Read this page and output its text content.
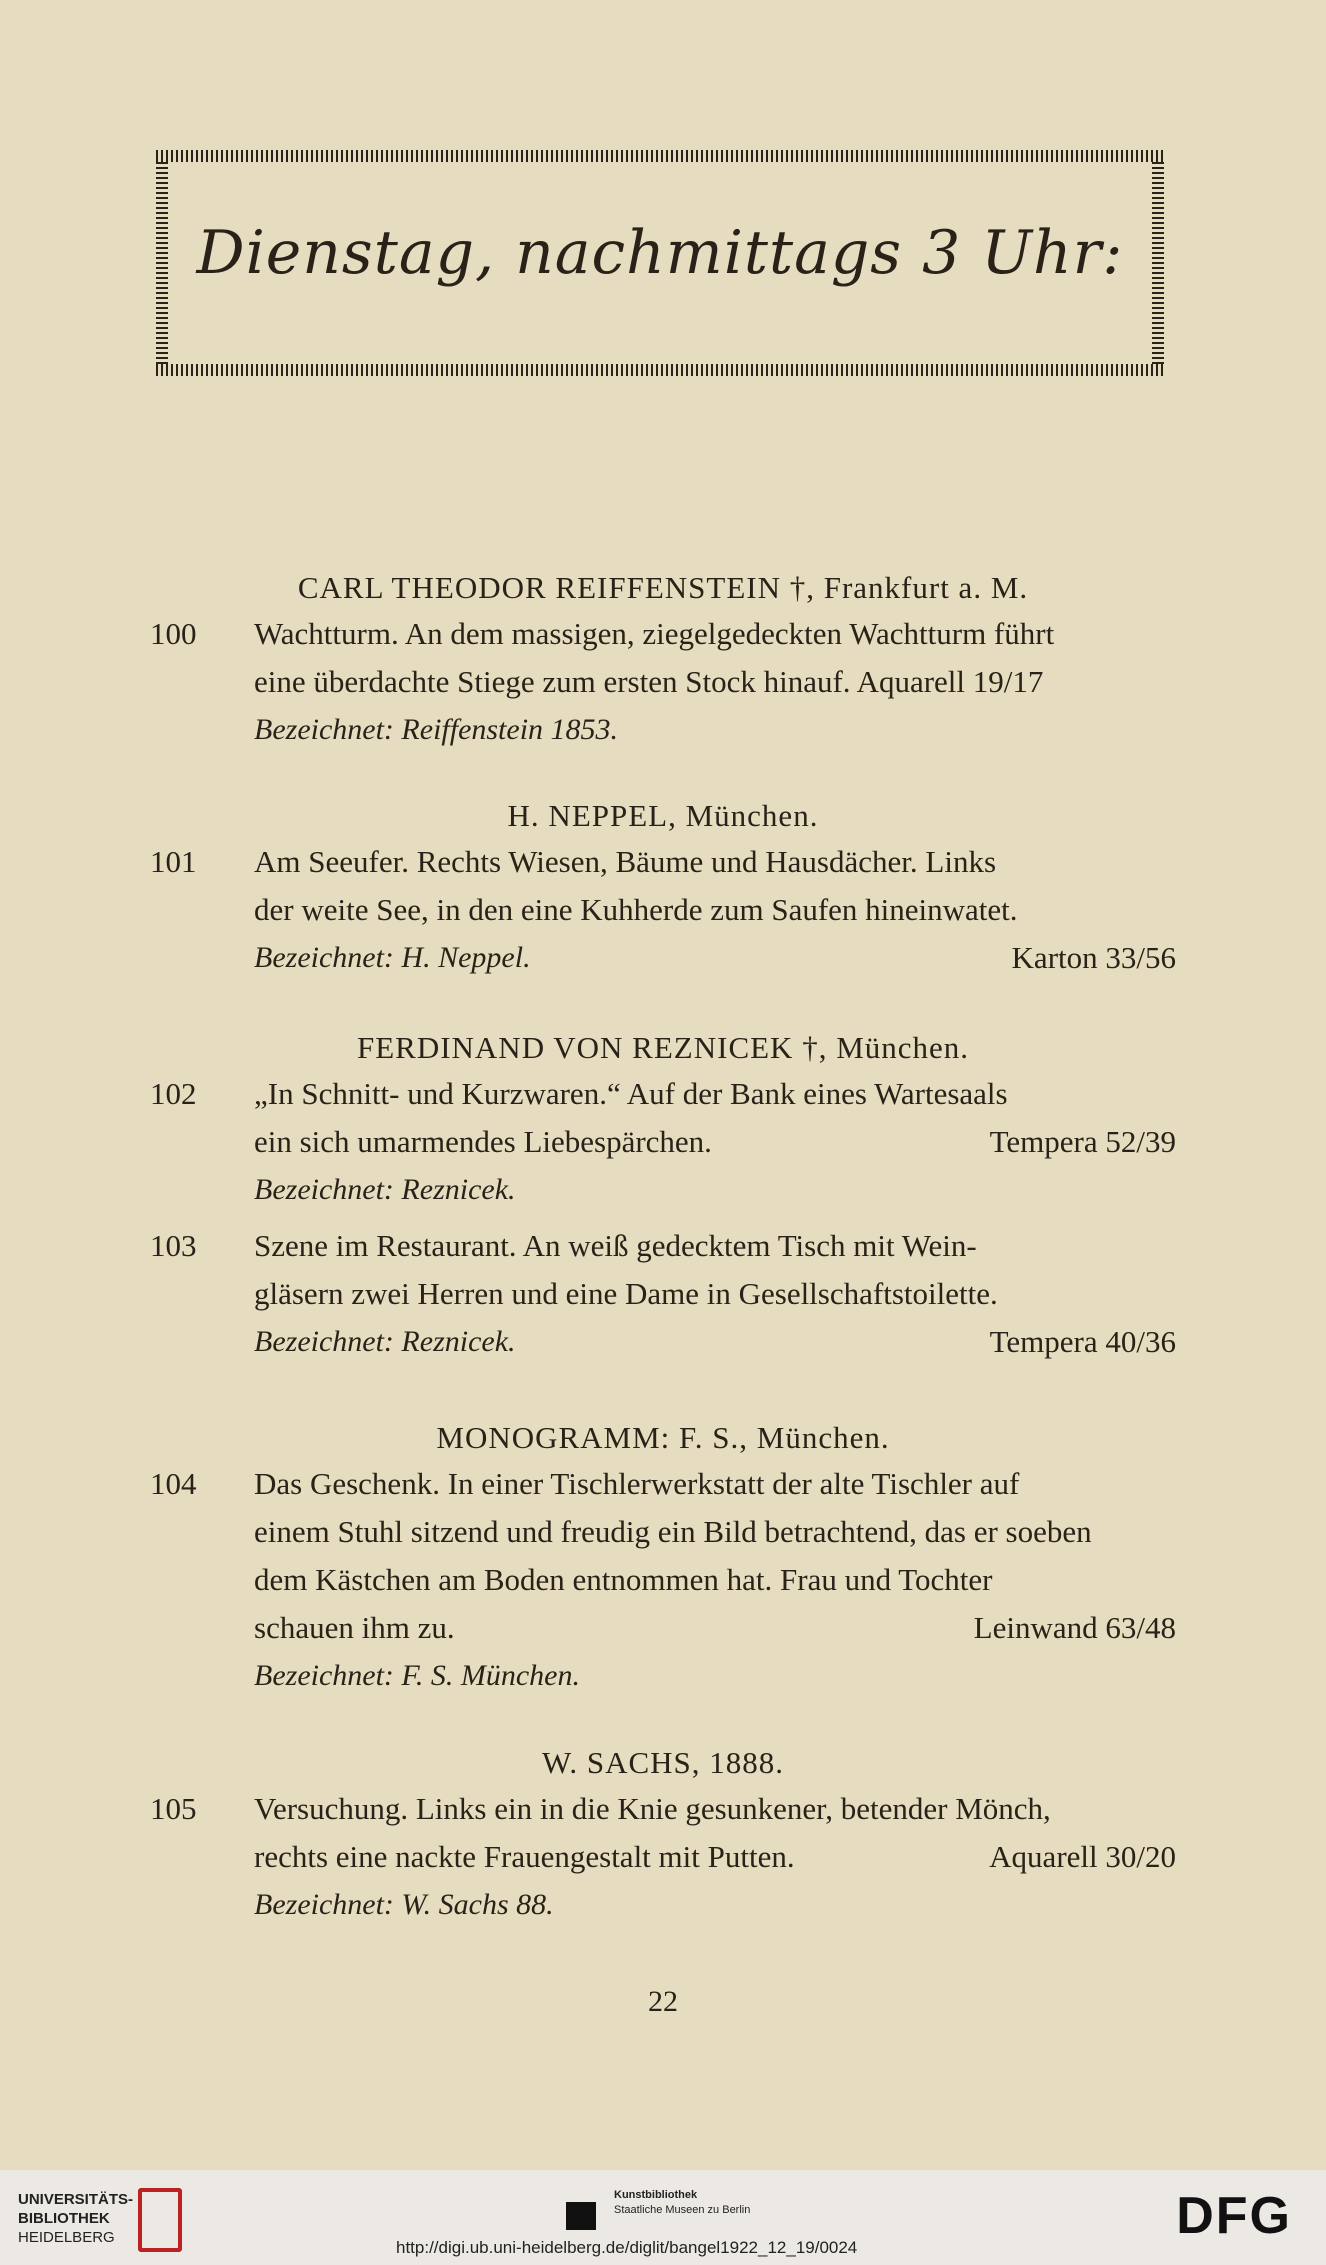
Dienstag, nachmittags 3 Uhr:
CARL THEODOR REIFFENSTEIN †, Frankfurt a. M.
100	Wachtturm. An dem massigen, ziegelgedeckten Wachtturm führt
eine überdachte Stiege zum ersten Stock hinauf. Aquarell 19/17
Bezeichnet: Reiffenstein 1853.
H. NEPPEL, München.
101	Am Seeufer. Rechts Wiesen, Bäume und Hausdächer. Links
der weite See, in den eine Kuhherde zum Saufen hineinwatet.
Bezeichnet: H. Neppel.	Karton 33/56
FERDINAND VON REZNICEK †, München.
102	„In Schnitt- und Kurzwaren.“ Auf der Bank eines Wartesaals
ein sich umarmendes Liebespärchen.	Tempera 52/39
Bezeichnet: Reznicek.
103	Szene im Restaurant. An weiß gedecktem Tisch mit Wein-
gläsern zwei Herren und eine Dame in Gesellschaftstoilette.
Bezeichnet: Reznicek.	Tempera 40/36
MONOGRAMM: F. S., München.
104	Das Geschenk. In einer Tischlerwerkstatt der alte Tischler auf
einem Stuhl sitzend und freudig ein Bild betrachtend, das er soeben
dem Kästchen am Boden entnommen hat. Frau und Tochter
schauen ihm zu.	Leinwand 63/48
Bezeichnet: F. S. München.
W. SACHS, 1888.
105	Versuchung. Links ein in die Knie gesunkener, betender Mönch,
rechts eine nackte Frauengestalt mit Putten.	Aquarell 30/20
Bezeichnet: W. Sachs 88.
22
UNIVERSITÄTS-
BIBLIOTHEK
HEIDELBERG
Kunstbibliothek
Staatliche Museen zu Berlin	DFG
http://digi.ub.uni-heidelberg.de/diglit/bangel1922_12_19/0024
